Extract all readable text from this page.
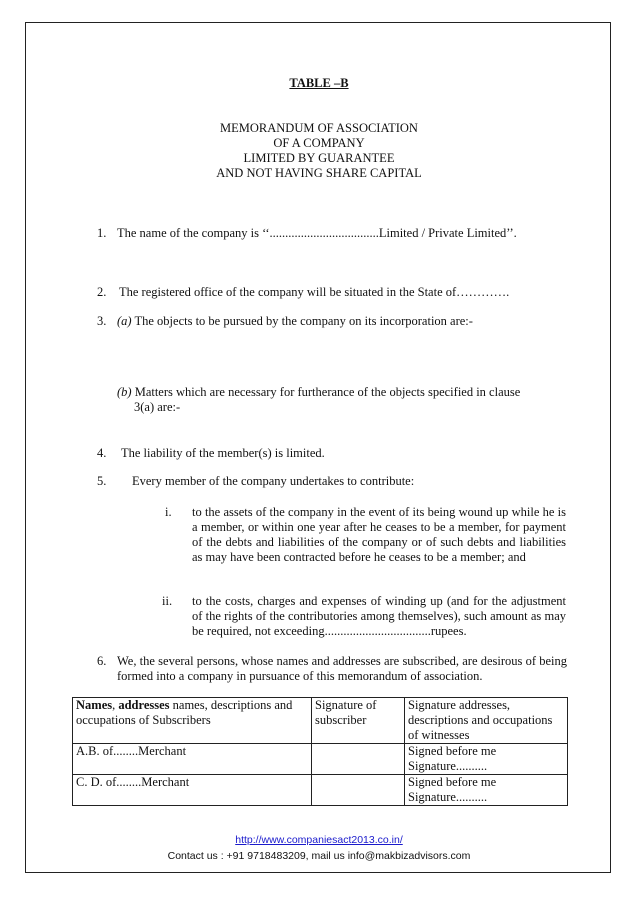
TABLE –B
MEMORANDUM OF ASSOCIATION
OF A COMPANY
LIMITED BY GUARANTEE
AND NOT HAVING SHARE CAPITAL
1. The name of the company is ‘‘...................................Limited / Private Limited’’.
2. The registered office of the company will be situated in the State of………….
3. (a) The objects to be pursued by the company on its incorporation are:-
(b) Matters which are necessary for furtherance of the objects specified in clause
3(a) are:-
4. The liability of the member(s) is limited.
5. Every member of the company undertakes to contribute:
i. to the assets of the company in the event of its being wound up while he is a member, or within one year after he ceases to be a member, for payment of the debts and liabilities of the company or of such debts and liabilities as may have been contracted before he ceases to be a member; and
ii. to the costs, charges and expenses of winding up (and for the adjustment of the rights of the contributories among themselves), such amount as may be required, not exceeding..................................rupees.
6. We, the several persons, whose names and addresses are subscribed, are desirous of being formed into a company in pursuance of this memorandum of association.
Names, addresses names, descriptions and occupations of Subscribers	Signature of subscriber	Signature addresses, descriptions and occupations of witnesses
A.B. of........Merchant		Signed before me Signature..........
C. D. of........Merchant		Signed before me Signature..........
http://www.companiesact2013.co.in/
Contact us : +91 9718483209, mail us info@makbizadvisors.com
